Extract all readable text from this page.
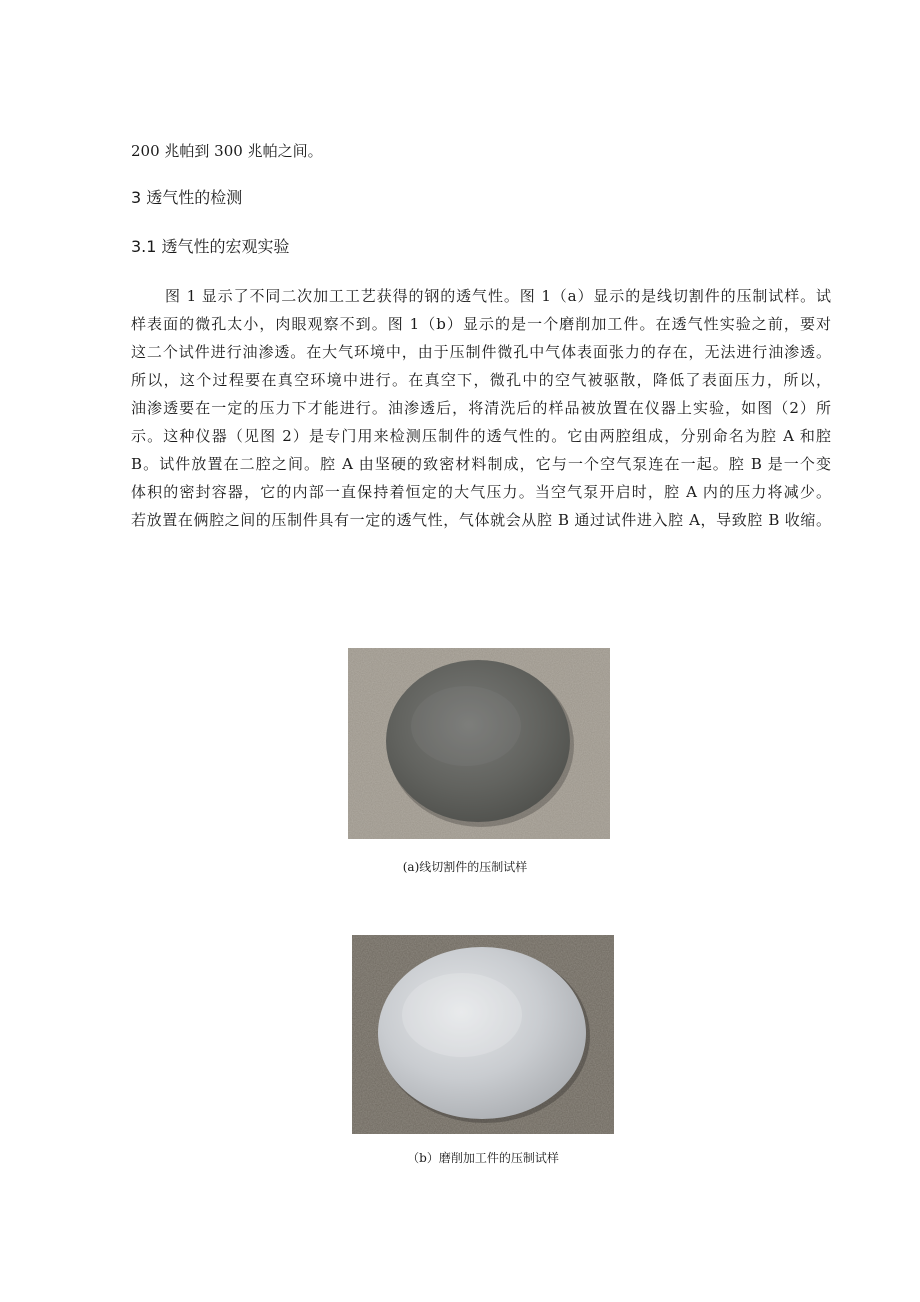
200 兆帕到 300 兆帕之间。
3 透气性的检测
3.1 透气性的宏观实验
图 1 显示了不同二次加工工艺获得的钢的透气性。图 1（a）显示的是线切割件的压制试样。试
样表面的微孔太小，肉眼观察不到。图 1（b）显示的是一个磨削加工件。在透气性实验之前，要对
这二个试件进行油渗透。在大气环境中，由于压制件微孔中气体表面张力的存在，无法进行油渗透。
所以，这个过程要在真空环境中进行。在真空下，微孔中的空气被驱散，降低了表面压力，所以，
油渗透要在一定的压力下才能进行。油渗透后，将清洗后的样品被放置在仪器上实验，如图（2）所
示。这种仪器（见图 2）是专门用来检测压制件的透气性的。它由两腔组成，分别命名为腔 A 和腔
B。试件放置在二腔之间。腔 A 由坚硬的致密材料制成，它与一个空气泵连在一起。腔 B 是一个变
体积的密封容器，它的内部一直保持着恒定的大气压力。当空气泵开启时，腔 A 内的压力将减少。
若放置在俩腔之间的压制件具有一定的透气性，气体就会从腔 B 通过试件进入腔 A，导致腔 B 收缩。
(a)线切割件的压制试样
（b）磨削加工件的压制试样
